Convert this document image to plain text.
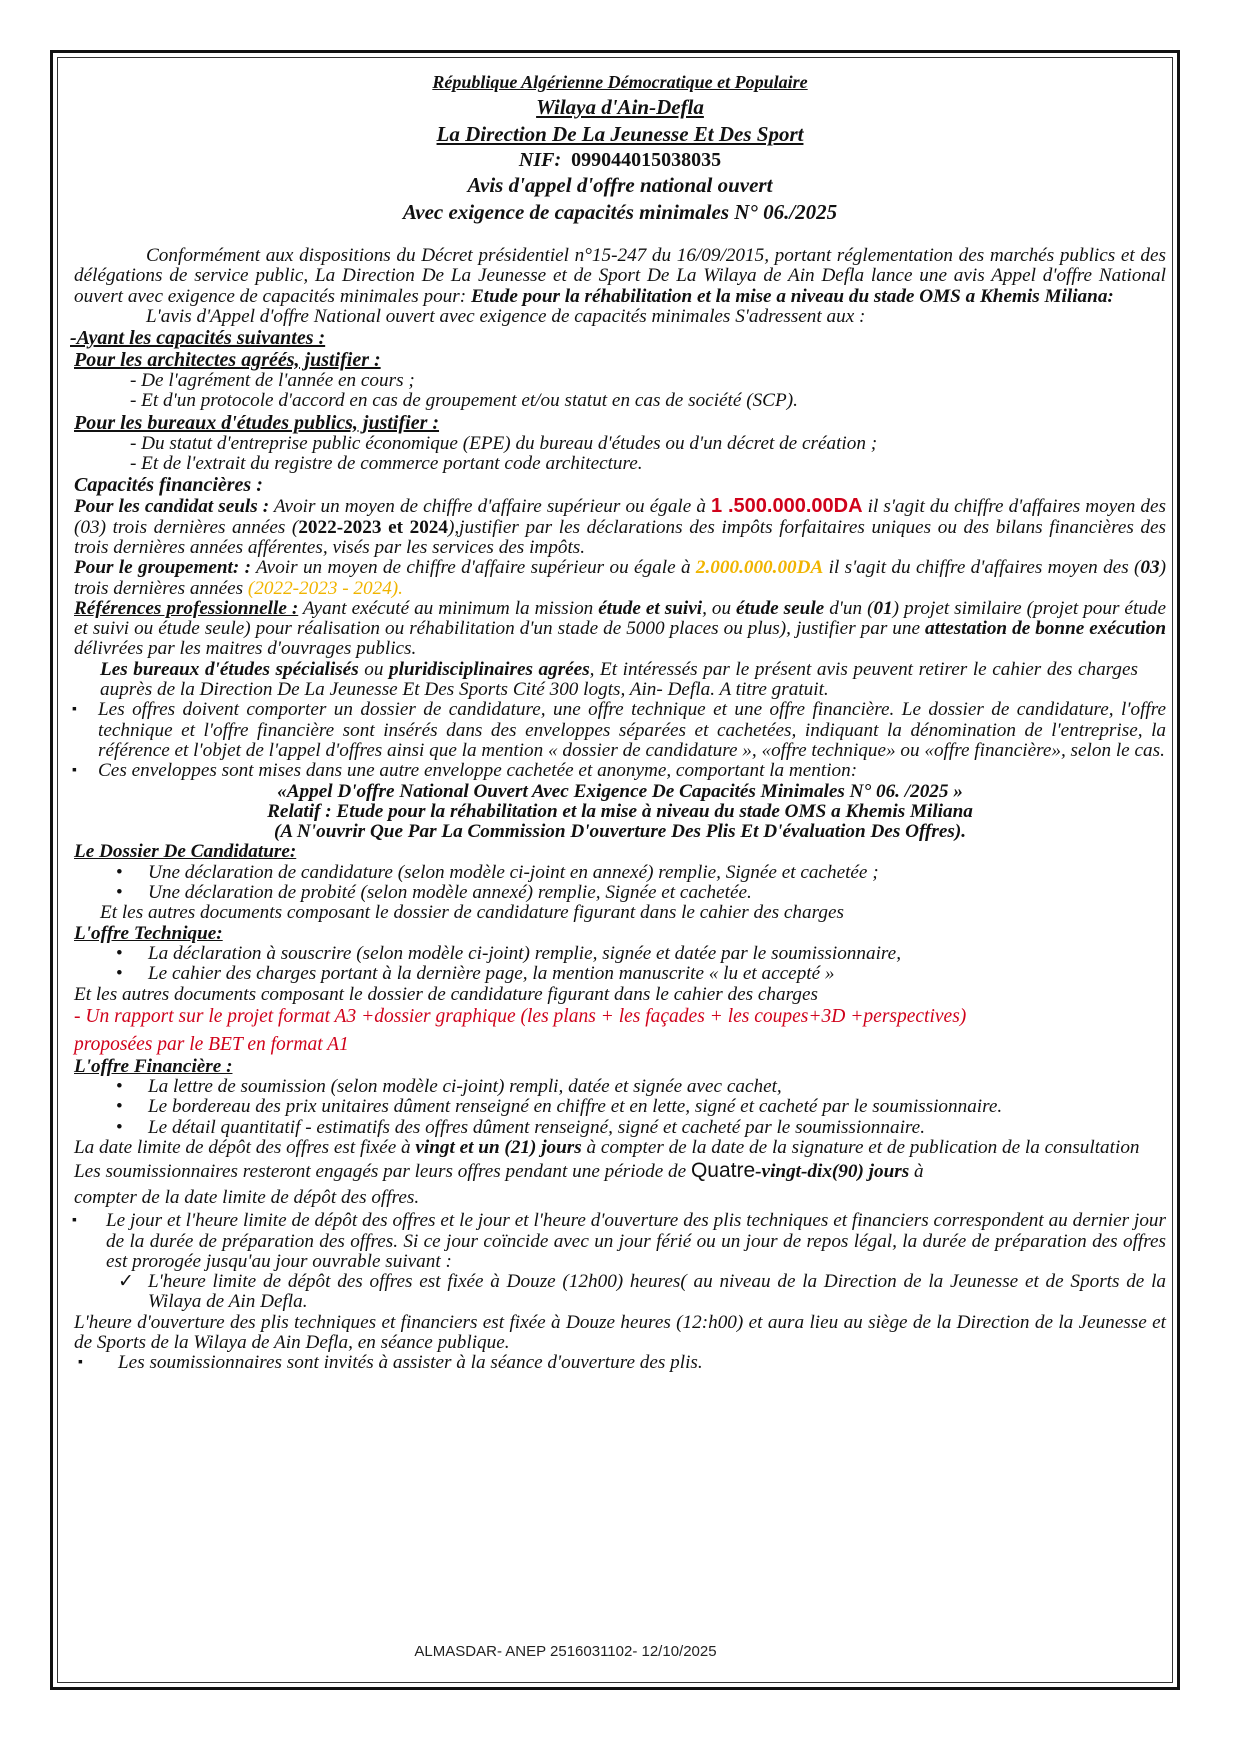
République Algérienne Démocratique et Populaire
Wilaya d'Ain-Defla
La Direction De La Jeunesse Et Des Sport
NIF: 099044015038035
Avis d'appel d'offre national ouvert
Avec exigence de capacités minimales N° 06./2025

Conformément aux dispositions du Décret présidentiel n°15-247 du 16/09/2015, portant réglementation des marchés publics et des délégations de service public, La Direction De La Jeunesse et de Sport De La Wilaya de Ain Defla lance une avis Appel d'offre National ouvert avec exigence de capacités minimales pour: Etude pour la réhabilitation et la mise a niveau du stade OMS a Khemis Miliana:

L'avis d'Appel d'offre National ouvert avec exigence de capacités minimales S'adressent aux :

-Ayant les capacités suivantes :

Pour les architectes agréés, justifier :

- De l'agrément de l'année en cours ;

- Et d'un protocole d'accord en cas de groupement et/ou statut en cas de société (SCP).

Pour les bureaux d'études publics, justifier :

- Du statut d'entreprise public économique (EPE) du bureau d'études ou d'un décret de création ;

- Et de l'extrait du registre de commerce portant code architecture.

Capacités financières :

Pour les candidat seuls : Avoir un moyen de chiffre d'affaire supérieur ou égale à 1 .500.000.00DA il s'agit du chiffre d'affaires moyen des (03) trois dernières années (2022-2023 et 2024),justifier par les déclarations des impôts forfaitaires uniques ou des bilans financières des trois dernières années afférentes, visés par les services des impôts.

Pour le groupement: : Avoir un moyen de chiffre d'affaire supérieur ou égale à 2.000.000.00DA il s'agit du chiffre d'affaires moyen des (03) trois dernières années (2022-2023 - 2024).

Références professionnelle : Ayant exécuté au minimum la mission étude et suivi, ou étude seule d'un (01) projet similaire (projet pour étude et suivi ou étude seule) pour réalisation ou réhabilitation d'un stade de 5000 places ou plus), justifier par une attestation de bonne exécution délivrées par les maitres d'ouvrages publics.

Les bureaux d'études spécialisés ou pluridisciplinaires agrées, Et intéressés par le présent avis peuvent retirer le cahier des charges auprès de la Direction De La Jeunesse Et Des Sports Cité 300 logts, Ain- Defla. A titre gratuit.

▪ Les offres doivent comporter un dossier de candidature, une offre technique et une offre financière. Le dossier de candidature, l'offre technique et l'offre financière sont insérés dans des enveloppes séparées et cachetées, indiquant la dénomination de l'entreprise, la référence et l'objet de l'appel d'offres ainsi que la mention « dossier de candidature », «offre technique» ou «offre financière», selon le cas.

▪ Ces enveloppes sont mises dans une autre enveloppe cachetée et anonyme, comportant la mention:

«Appel D'offre National Ouvert Avec Exigence De Capacités Minimales N° 06. /2025 »

Relatif : Etude pour la réhabilitation et la mise à niveau du stade OMS a Khemis Miliana

(A N'ouvrir Que Par La Commission D'ouverture Des Plis Et D'évaluation Des Offres).

Le Dossier De Candidature:

• Une déclaration de candidature (selon modèle ci-joint en annexé) remplie, Signée et cachetée ;

• Une déclaration de probité (selon modèle annexé) remplie, Signée et cachetée.

Et les autres documents composant le dossier de candidature figurant dans le cahier des charges

L'offre Technique:

• La déclaration à souscrire (selon modèle ci-joint) remplie, signée et datée par le soumissionnaire,

• Le cahier des charges portant à la dernière page, la mention manuscrite « lu et accepté »

Et les autres documents composant le dossier de candidature figurant dans le cahier des charges

- Un rapport sur le projet format A3 +dossier graphique (les plans + les façades + les coupes+3D +perspectives)

proposées par le BET en format A1

L'offre Financière :

• La lettre de soumission (selon modèle ci-joint) rempli, datée et signée avec cachet,

• Le bordereau des prix unitaires dûment renseigné en chiffre et en lette, signé et cacheté par le soumissionnaire.

• Le détail quantitatif - estimatifs des offres dûment renseigné, signé et cacheté par le soumissionnaire.

La date limite de dépôt des offres est fixée à vingt et un (21) jours à compter de la date de la signature et de publication de la consultation

Les soumissionnaires resteront engagés par leurs offres pendant une période de Quatre-vingt-dix(90) jours à

compter de la date limite de dépôt des offres.

▪ Le jour et l'heure limite de dépôt des offres et le jour et l'heure d'ouverture des plis techniques et financiers correspondent au dernier jour de la durée de préparation des offres. Si ce jour coïncide avec un jour férié ou un jour de repos légal, la durée de préparation des offres est prorogée jusqu'au jour ouvrable suivant :

✓ L'heure limite de dépôt des offres est fixée à Douze (12h00) heures( au niveau de la Direction de la Jeunesse et de Sports de la Wilaya de Ain Defla.

L'heure d'ouverture des plis techniques et financiers est fixée à Douze heures (12:h00) et aura lieu au siège de la Direction de la Jeunesse et de Sports de la Wilaya de Ain Defla, en séance publique.

▪ Les soumissionnaires sont invités à assister à la séance d'ouverture des plis.

ALMASDAR- ANEP 2516031102- 12/10/2025
